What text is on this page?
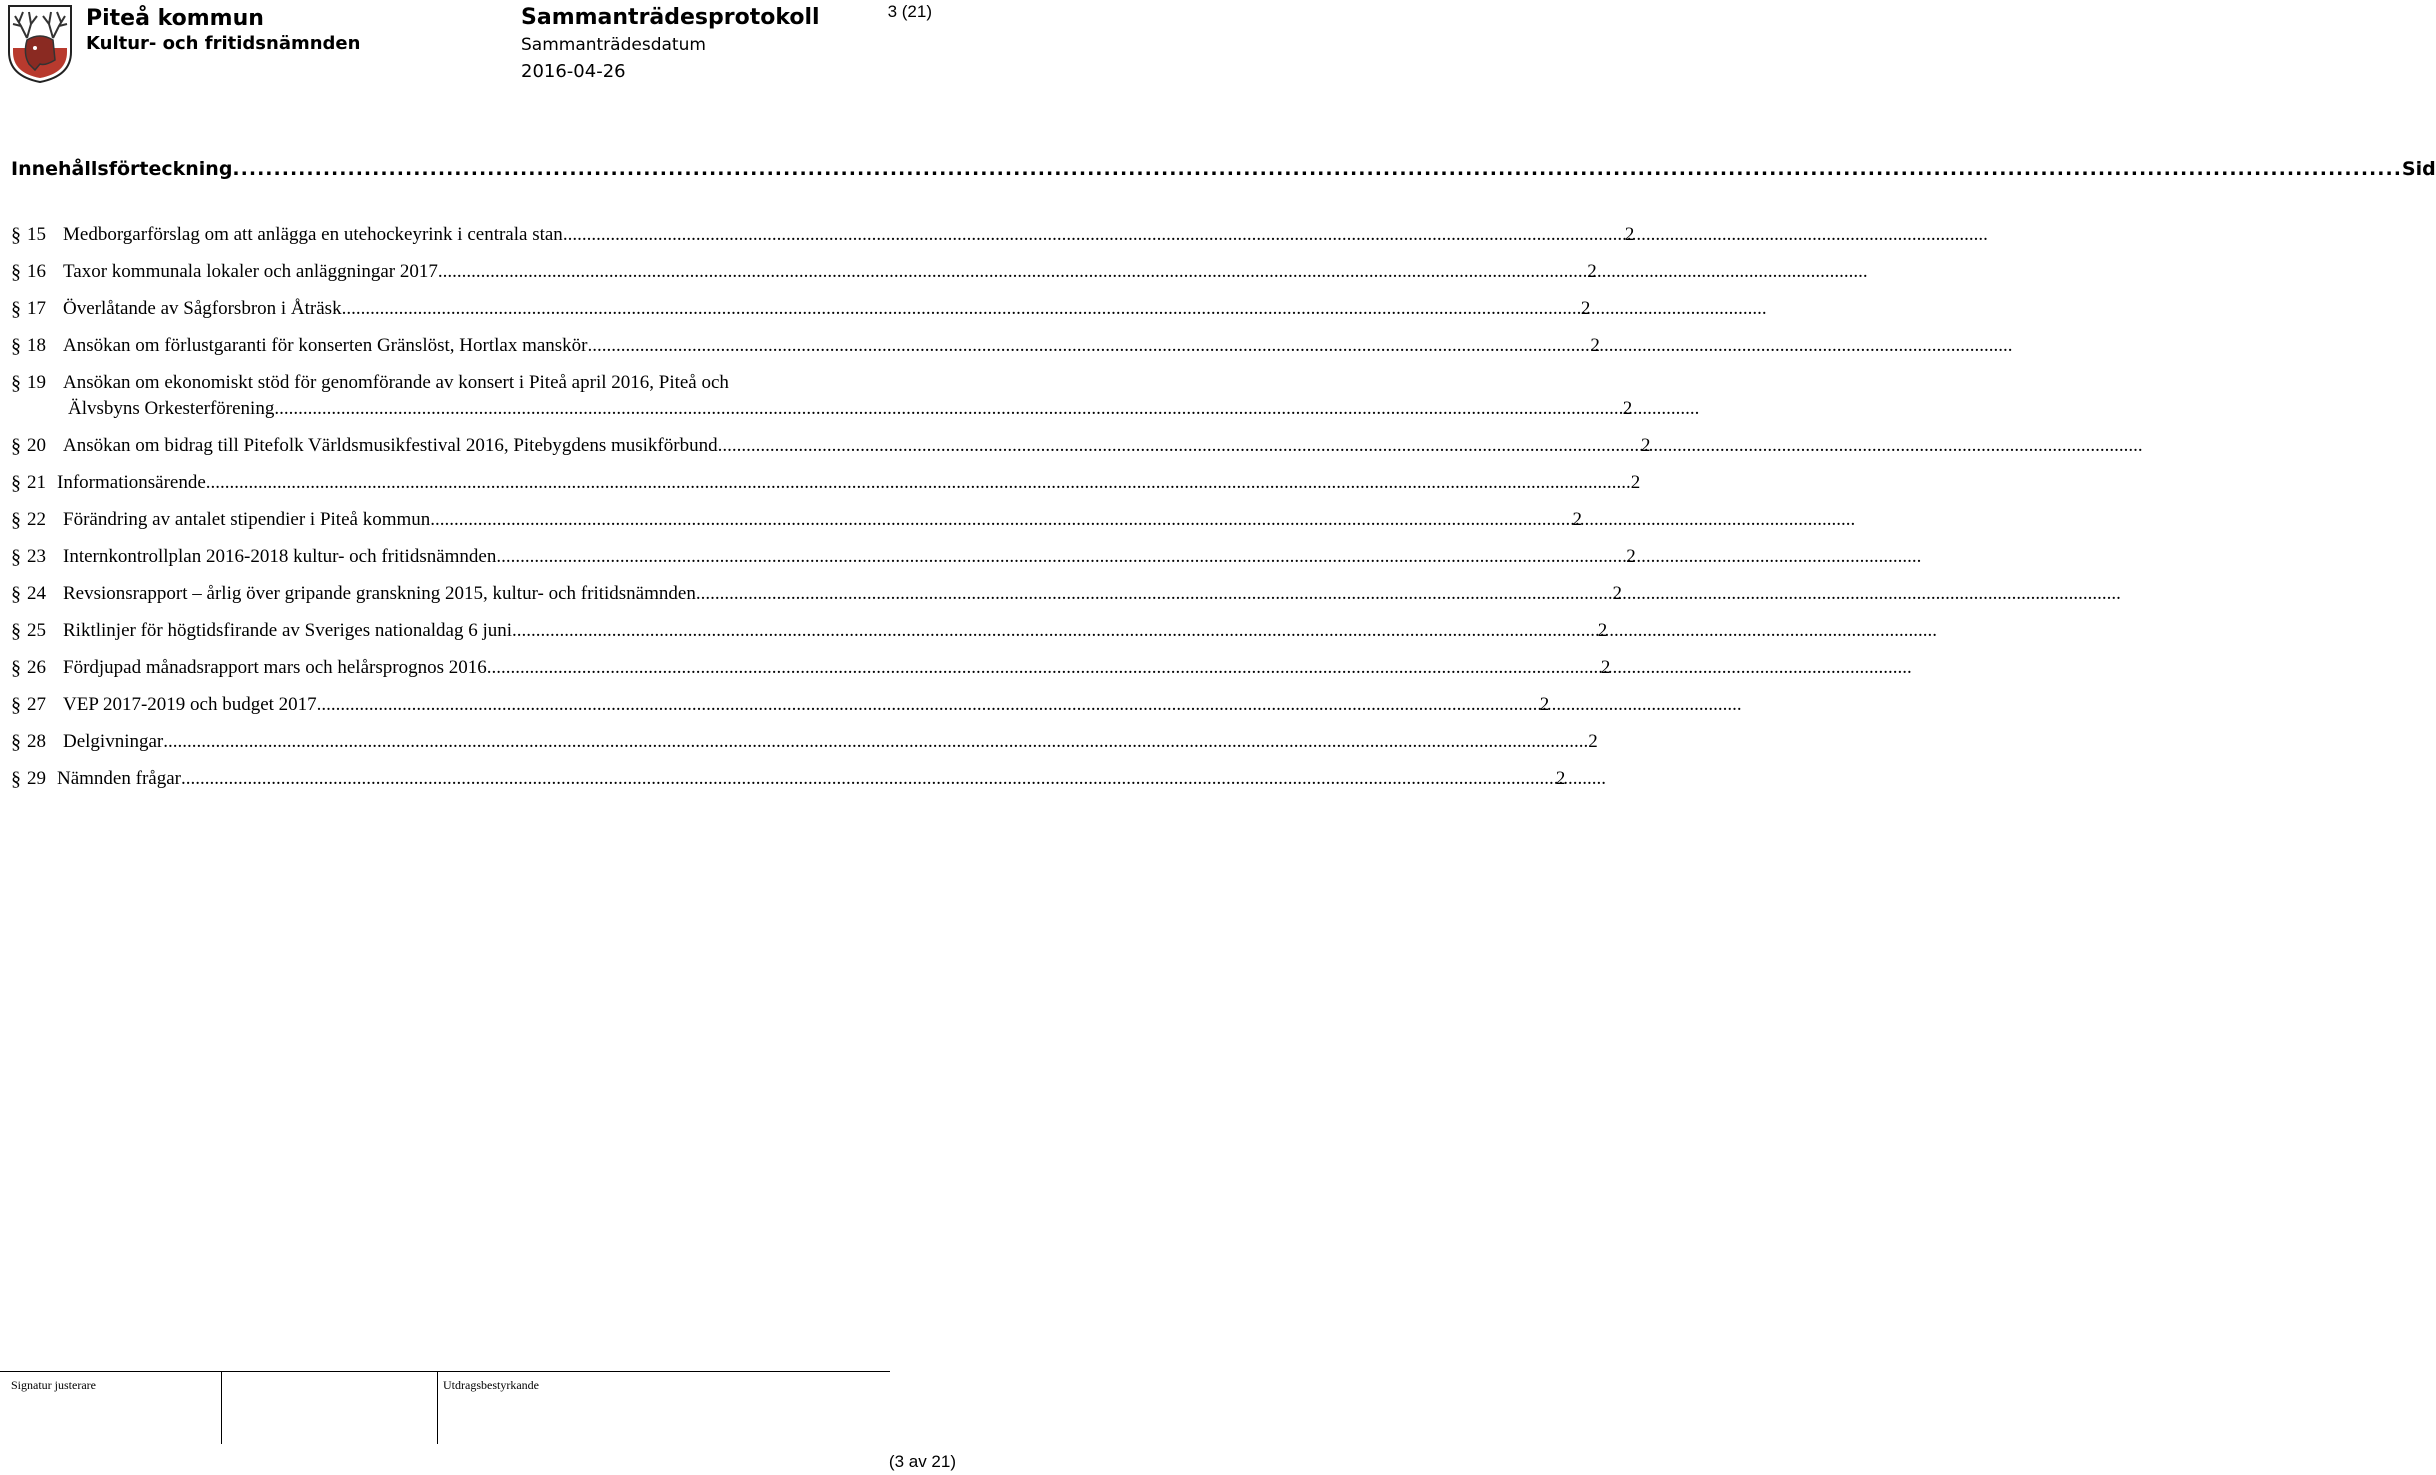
Piteå kommun
Kultur- och fritidsnämnden
Sammanträdesprotokoll
Sammanträdesdatum
2016-04-26
3 (21)
Innehållsförteckning .....	Sid
§ 15 Medborgarförslag om att anlägga en utehockeyrink i centrala stan .....	2
§ 16 Taxor kommunala lokaler och anläggningar 2017. .....	2
§ 17 Överlåtande av Sågforsbron i Åträsk .....	2
§ 18 Ansökan om förlustgaranti för konserten Gränslöst, Hortlax manskör .....	2
§ 19 Ansökan om ekonomiskt stöd för genomförande av konsert i Piteå april 2016, Piteå och
Älvsbyns Orkesterförening .....	2
§ 20 Ansökan om bidrag till Pitefolk Världsmusikfestival 2016, Pitebygdens musikförbund .....	2
§ 21 Informationsärende .....	2
§ 22 Förändring av antalet stipendier i Piteå kommun .....	2
§ 23 Internkontrollplan 2016-2018 kultur- och fritidsnämnden .....	2
§ 24 Revsionsrapport – årlig över gripande granskning 2015, kultur- och fritidsnämnden .....	2
§ 25 Riktlinjer för högtidsfirande av Sveriges nationaldag 6 juni .....	2
§ 26 Fördjupad månadsrapport mars och helårsprognos 2016 .....	2
§ 27 VEP 2017-2019 och budget 2017 .....	2
§ 28 Delgivningar .....	2
§ 29 Nämnden frågar .....	2
Signatur justerare	Utdragsbestyrkande
(3 av 21)
